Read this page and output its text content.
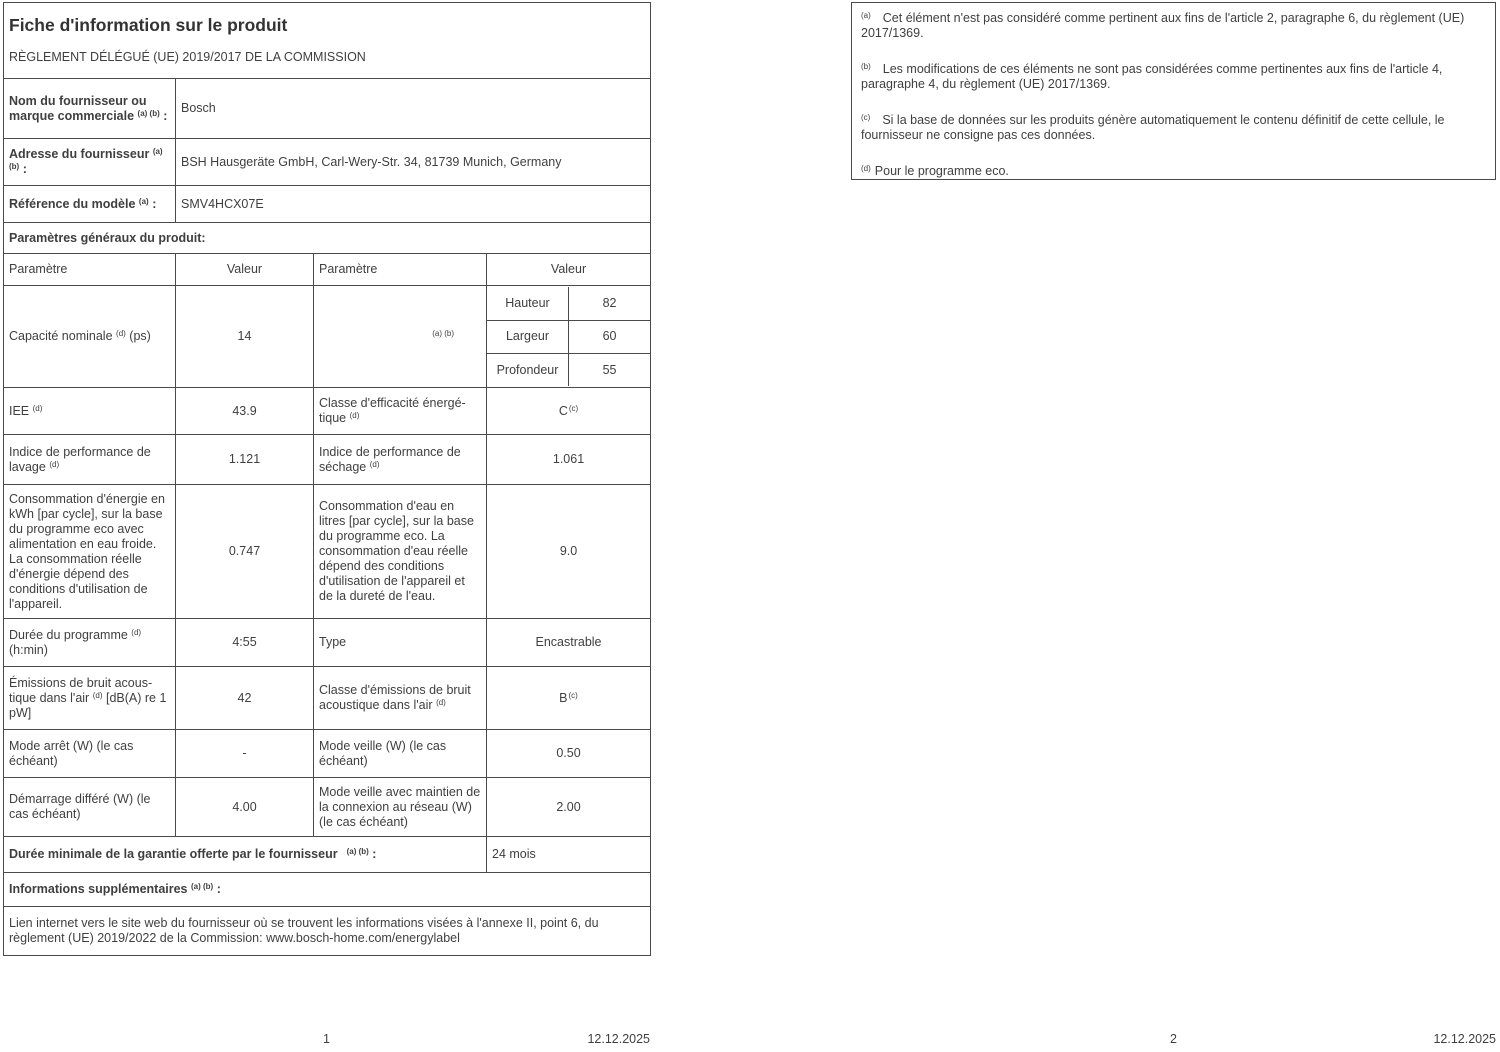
Fiche d'information sur le produit
RÈGLEMENT DÉLÉGUÉ (UE) 2019/2017 DE LA COMMISSION			

Nom du fournisseur ou marque commerciale $^{(a) (b)}$ :	Bosch		
Adresse du fournisseur $^{(a) (b)}$ :	BSH Hausgeräte GmbH, Carl-Wery-Str. 34, 81739 Munich, Germany		
Référence du modèle $^{(a)}$ :	SMV4HCX07E		
Paramètres généraux du produit:			
Paramètre	Valeur	Paramètre	Valeur
Capacité nominale $^{(d)}$ (ps)	14	$^{(a) (b)}$	
Hauteur	82
Largeur	60
Profondeur	55

IEE $^{(d)}$	43.9	Classe d'efficacité énergétique $^{(d)}$	$C^{(c)}$
Indice de performance de lavage $^{(d)}$	1.121	Indice de performance de séchage $^{(d)}$	1.061
Consommation d'énergie en kWh [par cycle], sur la base du programme eco avec alimentation en eau froide. La consommation réelle d'énergie dépend des conditions d'utilisation de l'appareil.	0.747	Consommation d'eau en litres [par cycle], sur la base du programme eco. La consommation d'eau réelle dépend des conditions d'utilisation de l'appareil et de la dureté de l'eau.	9.0
Durée du programme $^{(d)}$ (h:min)	4:55	Type	Encastrable
Émissions de bruit acoustique dans l'air $^{(d)}$ [dB(A) re 1 pW]	42	Classe d'émissions de bruit acoustique dans l'air $^{(d)}$	$B^{(c)}$
Mode arrêt (W) (le cas échéant)	-	Mode veille (W) (le cas échéant)	0.50
Démarrage différé (W) (le cas échéant)	4.00	Mode veille avec maintien de la connexion au réseau (W) (le cas échéant)	2.00
Durée minimale de la garantie offerte par le fournisseur $^{(a) (b)}$ :			24 mois
Informations supplémentaires $^{(a) (b)}$ :			
Lien internet vers le site web du fournisseur où se trouvent les informations visées à l'annexe II, point 6, du règlement (UE) 2019/2022 de la Commission: www.bosch-home.com/energylabel			

$^{(a)}$ Cet élément n'est pas considéré comme pertinent aux fins de l'article 2, paragraphe 6, du règlement (UE) 2017/1369.

$^{(b)}$ Les modifications de ces éléments ne sont pas considérées comme pertinentes aux fins de l'article 4, paragraphe 4, du règlement (UE) 2017/1369.

$^{(c)}$ Si la base de données sur les produits génère automatiquement le contenu définitif de cette cellule, le fournisseur ne consigne pas ces données.

$^{(d)}$ Pour le programme eco.

1	12.12.2025	2	12.12.2025
